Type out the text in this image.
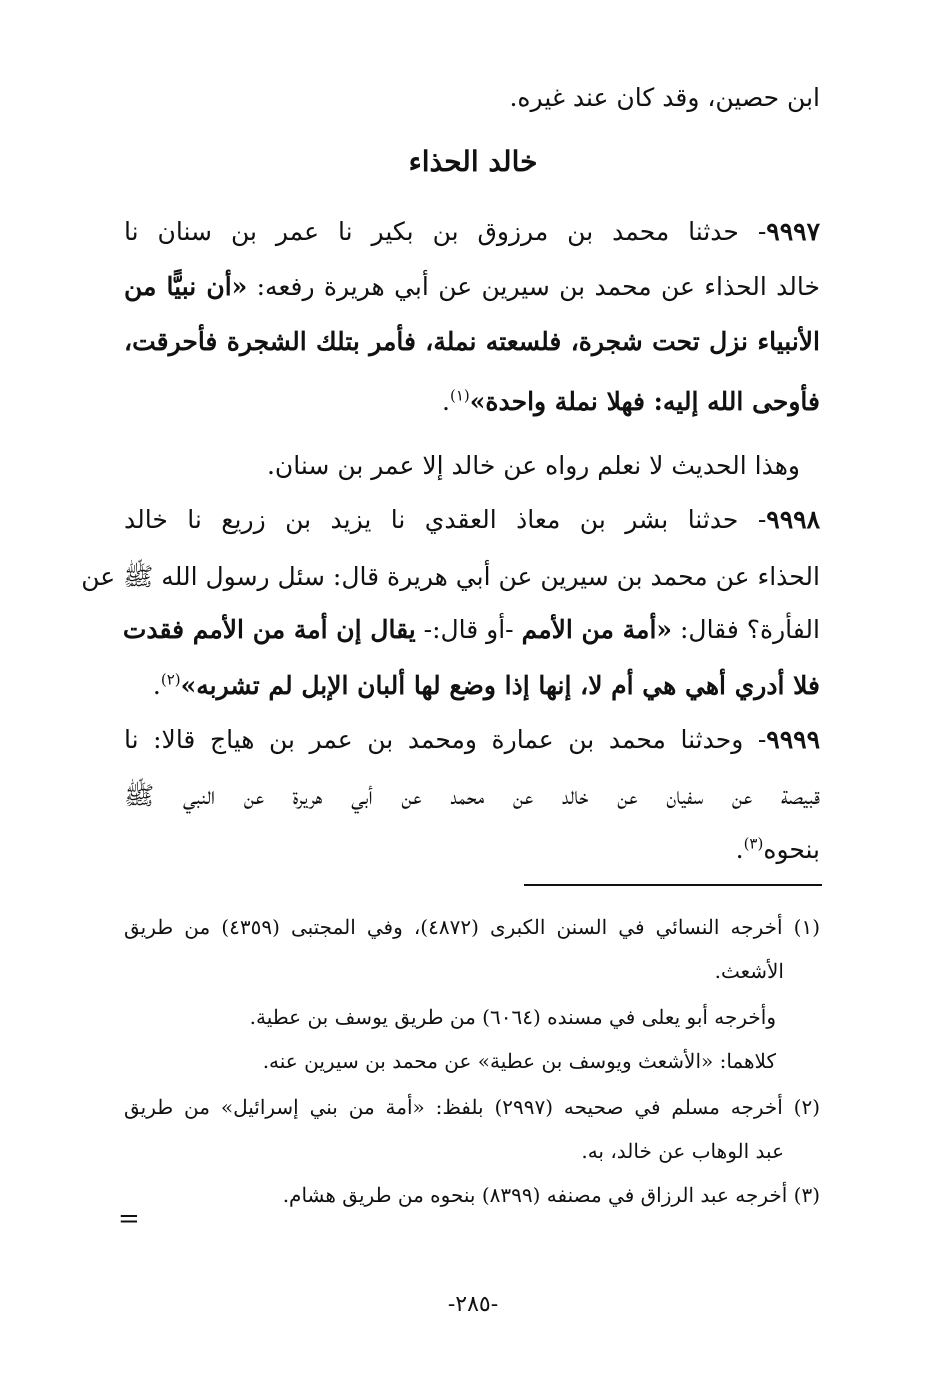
ابن حصين، وقد كان عند غيره.
خالد الحذاء
٩٩٩٧- حدثنا محمد بن مرزوق بن بكير نا عمر بن سنان نا
خالد الحذاء عن محمد بن سيرين عن أبي هريرة رفعه: «أن نبيًّا من
الأنبياء نزل تحت شجرة، فلسعته نملة، فأمر بتلك الشجرة فأحرقت،
فأوحى الله إليه: فهلا نملة واحدة»$^{(١)}$.
وهذا الحديث لا نعلم رواه عن خالد إلا عمر بن سنان.
٩٩٩٨- حدثنا بشر بن معاذ العقدي نا يزيد بن زريع نا خالد
الحذاء عن محمد بن سيرين عن أبي هريرة قال: سئل رسول الله ﷺ عن
الفأرة؟ فقال: «أمة من الأمم -أو قال:- يقال إن أمة من الأمم فقدت
فلا أدري أهي هي أم لا، إنها إذا وضع لها ألبان الإبل لم تشربه»$^{(٢)}$.
٩٩٩٩- وحدثنا محمد بن عمارة ومحمد بن عمر بن هياج قالا: نا
قبيصة عن سفيان عن خالد عن محمد عن أبي هريرة عن النبي ﷺ
بنحوه$^{(٣)}$.
(١) أخرجه النسائي في السنن الكبرى (٤٨٧٢)، وفي المجتبى (٤٣٥٩) من طريق
الأشعث.
وأخرجه أبو يعلى في مسنده (٦٠٦٤) من طريق يوسف بن عطية.
كلاهما: «الأشعث ويوسف بن عطية» عن محمد بن سيرين عنه.
(٢) أخرجه مسلم في صحيحه (٢٩٩٧) بلفظ: «أمة من بني إسرائيل» من طريق
عبد الوهاب عن خالد، به.
(٣) أخرجه عبد الرزاق في مصنفه (٨٣٩٩) بنحوه من طريق هشام.
=
-٢٨٥-
